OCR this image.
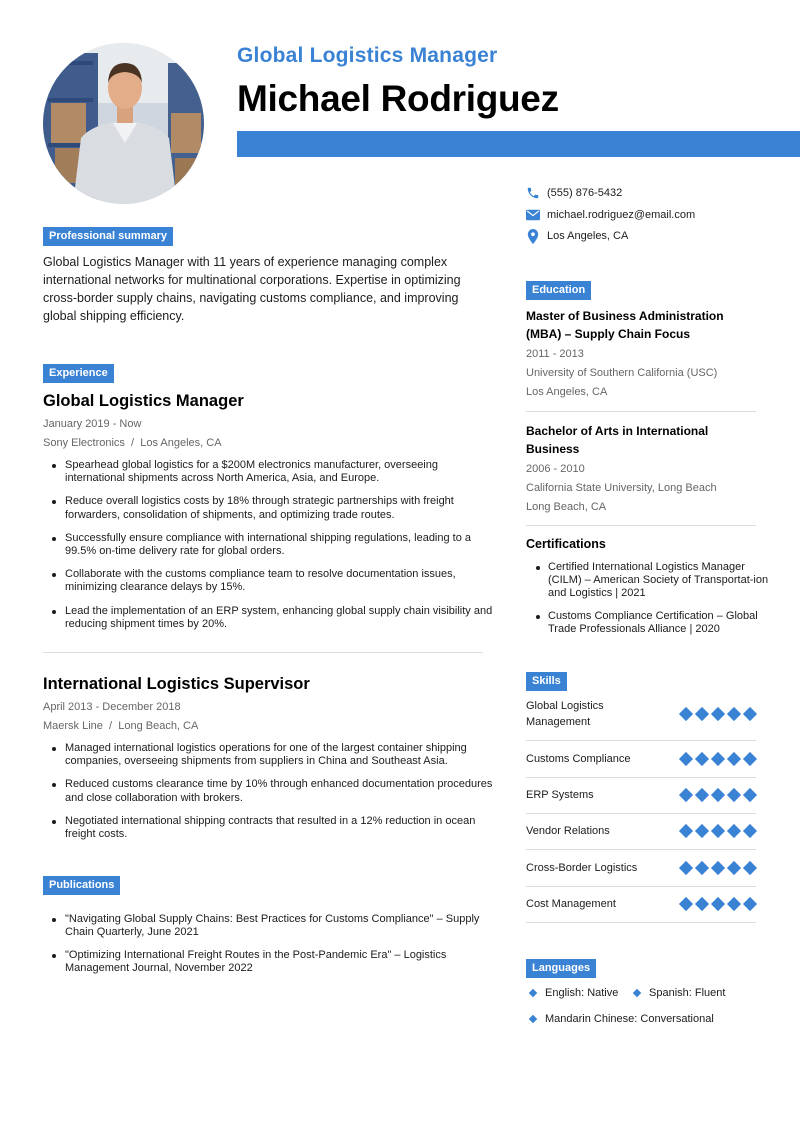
Global Logistics Manager
Michael Rodriguez
(555) 876-5432
michael.rodriguez@email.com
Los Angeles, CA
Professional summary
Global Logistics Manager with 11 years of experience managing complex international networks for multinational corporations. Expertise in optimizing cross-border supply chains, navigating customs compliance, and improving global shipping efficiency.
Experience
Global Logistics Manager
January 2019 - Now
Sony Electronics  /  Los Angeles, CA
Spearhead global logistics for a $200M electronics manufacturer, overseeing international shipments across North America, Asia, and Europe.
Reduce overall logistics costs by 18% through strategic partnerships with freight forwarders, consolidation of shipments, and optimizing trade routes.
Successfully ensure compliance with international shipping regulations, leading to a 99.5% on-time delivery rate for global orders.
Collaborate with the customs compliance team to resolve documentation issues, minimizing clearance delays by 15%.
Lead the implementation of an ERP system, enhancing global supply chain visibility and reducing shipment times by 20%.
International Logistics Supervisor
April 2013 - December 2018
Maersk Line  /  Long Beach, CA
Managed international logistics operations for one of the largest container shipping companies, overseeing shipments from suppliers in China and Southeast Asia.
Reduced customs clearance time by 10% through enhanced documentation procedures and close collaboration with brokers.
Negotiated international shipping contracts that resulted in a 12% reduction in ocean freight costs.
Publications
"Navigating Global Supply Chains: Best Practices for Customs Compliance" – Supply Chain Quarterly, June 2021
"Optimizing International Freight Routes in the Post-Pandemic Era" – Logistics Management Journal, November 2022
Education
Master of Business Administration (MBA) – Supply Chain Focus
2011 - 2013
University of Southern California (USC)
Los Angeles, CA
Bachelor of Arts in International Business
2006 - 2010
California State University, Long Beach
Long Beach, CA
Certifications
Certified International Logistics Manager (CILM) – American Society of Transportat-ion and Logistics | 2021
Customs Compliance Certification – Global Trade Professionals Alliance | 2020
Skills
Global Logistics Management
Customs Compliance
ERP Systems
Vendor Relations
Cross-Border Logistics
Cost Management
Languages
English: Native	Spanish: Fluent
Mandarin Chinese: Conversational
